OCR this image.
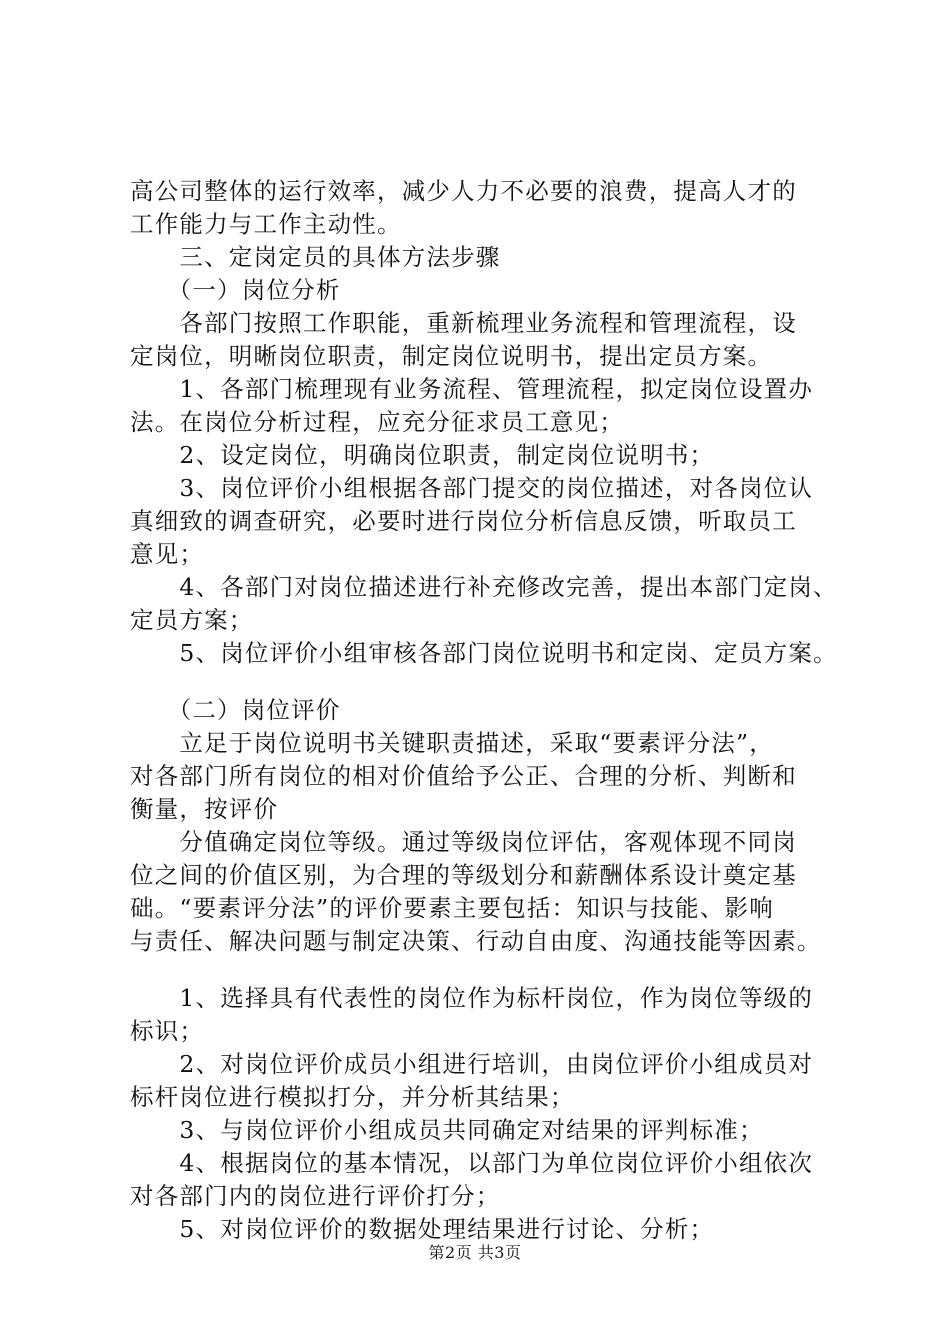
高公司整体的运行效率，减少人力不必要的浪费，提高人才的
工作能力与工作主动性。
　　三、定岗定员的具体方法步骤
　　（一）岗位分析
　　各部门按照工作职能，重新梳理业务流程和管理流程，设
定岗位，明晰岗位职责，制定岗位说明书，提出定员方案。
　　1、各部门梳理现有业务流程、管理流程，拟定岗位设置办
法。在岗位分析过程，应充分征求员工意见；
　　2、设定岗位，明确岗位职责，制定岗位说明书；
　　3、岗位评价小组根据各部门提交的岗位描述，对各岗位认
真细致的调查研究，必要时进行岗位分析信息反馈，听取员工
意见；
　　4、各部门对岗位描述进行补充修改完善，提出本部门定岗、
定员方案；
　　5、岗位评价小组审核各部门岗位说明书和定岗、定员方案。
　　（二）岗位评价
　　立足于岗位说明书关键职责描述，采取“要素评分法”，
对各部门所有岗位的相对价值给予公正、合理的分析、判断和
衡量，按评价
　　分值确定岗位等级。通过等级岗位评估，客观体现不同岗
位之间的价值区别，为合理的等级划分和薪酬体系设计奠定基
础。“要素评分法”的评价要素主要包括：知识与技能、影响
与责任、解决问题与制定决策、行动自由度、沟通技能等因素。
　　1、选择具有代表性的岗位作为标杆岗位，作为岗位等级的
标识；
　　2、对岗位评价成员小组进行培训，由岗位评价小组成员对
标杆岗位进行模拟打分，并分析其结果；
　　3、与岗位评价小组成员共同确定对结果的评判标准；
　　4、根据岗位的基本情况，以部门为单位岗位评价小组依次
对各部门内的岗位进行评价打分；
　　5、对岗位评价的数据处理结果进行讨论、分析；
第2页 共3页
